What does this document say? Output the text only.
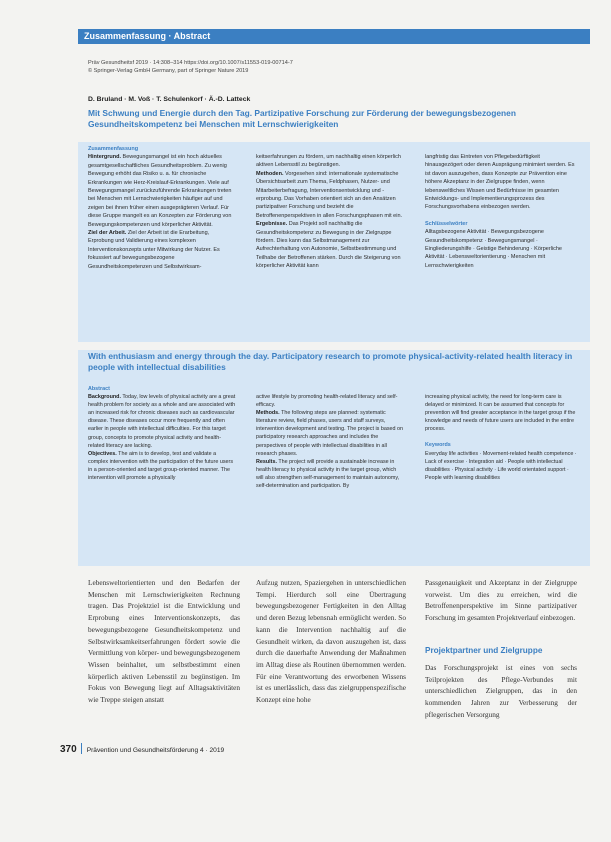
Zusammenfassung · Abstract
Präv Gesundheitsf 2019 · 14:308–314 https://doi.org/10.1007/s11553-019-00714-7
© Springer-Verlag GmbH Germany, part of Springer Nature 2019
D. Bruland · M. Voß · T. Schulenkorf · Ä.-D. Latteck
Mit Schwung und Energie durch den Tag. Partizipative Forschung zur Förderung der bewegungsbezogenen Gesundheitskompetenz bei Menschen mit Lernschwierigkeiten
Zusammenfassung

Hintergrund. Bewegungsmangel ist ein hoch aktuelles gesamtgesellschaftliches Gesundheitsproblem. Zu wenig Bewegung erhöht das Risiko u. a. für chronische Erkrankungen wie Herz-Kreislauf-Erkrankungen. Viele auf Bewegungsmangel zurückzuführende Erkrankungen treten bei Menschen mit Lernschwierigkeiten häufiger auf und zeigen bei ihnen früher einen ausgeprägteren Verlauf. Für diese Gruppe mangelt es an Konzepten zur Förderung von Bewegungskompetenzen und körperlicher Aktivität.

Ziel der Arbeit. Ziel der Arbeit ist die Erarbeitung, Erprobung und Validierung eines komplexen Interventionskonzepts unter Mitwirkung der Nutzer. Es fokussiert auf bewegungsbezogene Gesundheitskompetenzen und Selbstwirksam-

keitserfahrungen zu fördern, um nachhaltig einen körperlich aktiven Lebensstil zu begünstigen.

Methoden. Vorgesehen sind: internationale systematische Übersichtsarbeit zum Thema, Feldphasen, Nutzer- und Mitarbeiterbefragung, Interventionsentwicklung und -erprobung. Das Vorhaben orientiert sich an den Ansätzen partizipativer Forschung und bezieht die Betroffenenperspektiven in allen Forschungsphasen mit ein.

Ergebnisse. Das Projekt soll nachhaltig die Gesundheitskompetenz zu Bewegung in der Zielgruppe fördern. Dies kann das Selbstmanagement zur Aufrechterhaltung von Autonomie, Selbstbestimmung und Teilhabe der Betroffenen stärken. Durch die Steigerung von körperlicher Aktivität kann

langfristig das Eintreten von Pflegebedürftigkeit hinausgezögert oder deren Ausprägung minimiert werden. Es ist davon auszugehen, dass Konzepte zur Prävention eine höhere Akzeptanz in der Zielgruppe finden, wenn lebensweltliches Wissen und Bedürfnisse im gesamten Entwicklungs- und Implementierungsprozess des Forschungsvorhabens einbezogen werden.

Schlüsselwörter

Alltagsbezogene Aktivität · Bewegungsbezogene Gesundheitskompetenz · Bewegungsmangel · Eingliederungshilfe · Geistige Behinderung · Körperliche Aktivität · Lebensweltorientierung · Menschen mit Lernschwierigkeiten

With enthusiasm and energy through the day. Participatory research to promote physical-activity-related health literacy in people with intellectual disabilities
Abstract

Background. Today, low levels of physical activity are a great health problem for society as a whole and are associated with an increased risk for chronic diseases such as cardiovascular disease. These diseases occur more frequently and often earlier in people with intellectual difficulties. For this target group, concepts to promote physical activity and health-related literacy are lacking.

Objectives. The aim is to develop, test and validate a complex intervention with the participation of the future users in a person-oriented and target group-oriented manner. The intervention will promote a physically

active lifestyle by promoting health-related literacy and self-efficacy.

Methods. The following steps are planned: systematic literature review, field phases, users and staff surveys, intervention development and testing. The project is based on participatory research approaches and includes the perspectives of people with intellectual disabilities in all research phases.

Results. The project will provide a sustainable increase in health literacy to physical activity in the target group, which will also strengthen self-management to maintain autonomy, self-determination and participation. By

increasing physical activity, the need for long-term care is delayed or minimized. It can be assumed that concepts for prevention will find greater acceptance in the target group if the knowledge and needs of future users are included in the entire process.

Keywords

Everyday life activities · Movement-related health competence · Lack of exercise · Integration aid · People with intellectual disabilities · Physical activity · Life world orientated support · People with learning disabilities

Lebensweltorientierten und den Bedarfen der Menschen mit Lernschwierigkeiten Rechnung tragen. Das Projektziel ist die Entwicklung und Erprobung eines Interventionskonzepts, das bewegungsbezogene Gesundheitskompetenz und Selbstwirksamkeitserfahrungen fördert sowie die Vermittlung von körper- und bewegungsbezogenem Wissen beinhaltet, um selbstbestimmt einen körperlich aktiven Lebensstil zu begünstigen. Im Fokus von Bewegung liegt auf Alltagsaktivitäten wie Treppe steigen anstatt
Aufzug nutzen, Spaziergehen in unterschiedlichen Tempi. Hierdurch soll eine Übertragung bewegungsbezogener Fertigkeiten in den Alltag und deren Bezug lebensnah ermöglicht werden. So kann die Intervention nachhaltig auf die Gesundheit wirken, da davon auszugehen ist, dass durch die dauerhafte Anwendung der Maßnahmen im Alltag diese als Routinen übernommen werden. Für eine Verantwortung des erworbenen Wissens ist es unerlässlich, dass das zielgruppenspezifische Konzept eine hohe
Passgenauigkeit und Akzeptanz in der Zielgruppe vorweist. Um dies zu erreichen, wird die Betroffenenperspektive im Sinne partizipativer Forschung im gesamten Projektverlauf einbezogen.
Projektpartner und Zielgruppe
Das Forschungsprojekt ist eines von sechs Teilprojekten des Pflege-Verbundes mit unterschiedlichen Zielgruppen, das in den kommenden Jahren zur Verbesserung der pflegerischen Versorgung
370 Prävention und Gesundheitsförderung 4 · 2019
